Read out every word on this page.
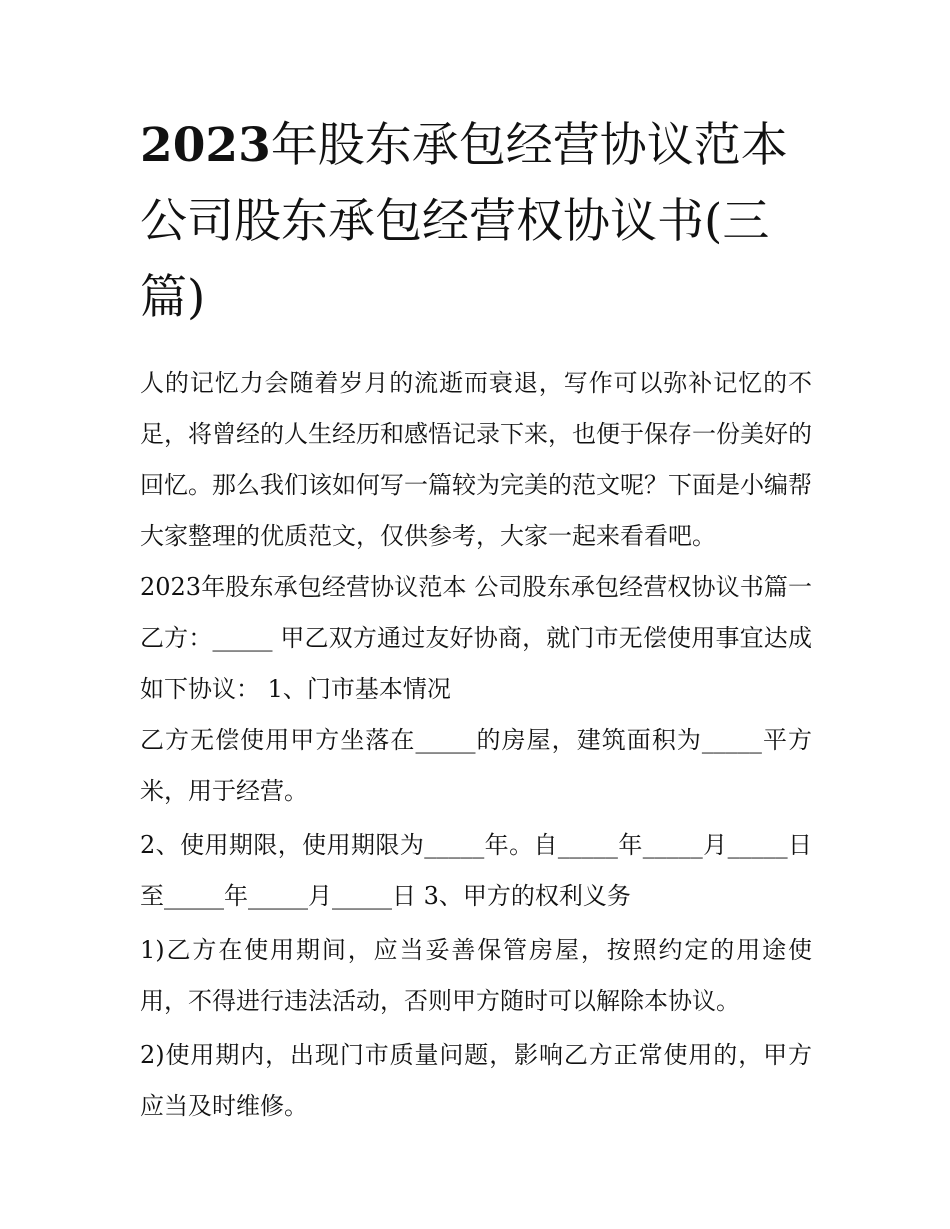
2023年股东承包经营协议范本公司股东承包经营权协议书(三篇)

人的记忆力会随着岁月的流逝而衰退，写作可以弥补记忆的不足，将曾经的人生经历和感悟记录下来，也便于保存一份美好的回忆。那么我们该如何写一篇较为完美的范文呢？下面是小编帮大家整理的优质范文，仅供参考，大家一起来看看吧。

2023年股东承包经营协议范本 公司股东承包经营权协议书篇一 乙方：_____ 甲乙双方通过友好协商，就门市无偿使用事宜达成如下协议： 1、门市基本情况

乙方无偿使用甲方坐落在_____的房屋，建筑面积为_____平方米，用于经营。

2、使用期限，使用期限为_____年。自_____年_____月_____日至_____年_____月_____日 3、甲方的权利义务

1)乙方在使用期间，应当妥善保管房屋，按照约定的用途使用，不得进行违法活动，否则甲方随时可以解除本协议。

2)使用期内，出现门市质量问题，影响乙方正常使用的，甲方应当及时维修。
